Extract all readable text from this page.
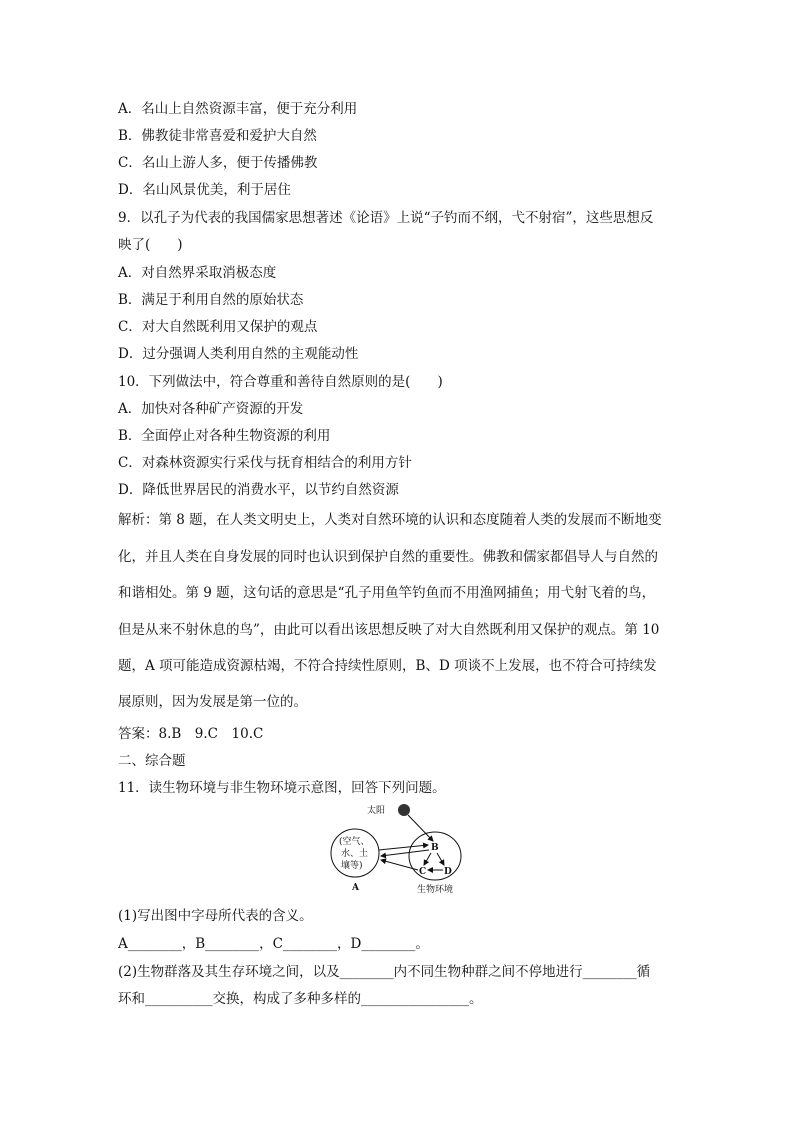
A．名山上自然资源丰富，便于充分利用
B．佛教徒非常喜爱和爱护大自然
C．名山上游人多，便于传播佛教
D．名山风景优美，利于居住
9．以孔子为代表的我国儒家思想著述《论语》上说“子钓而不纲，弋不射宿”，这些思想反
映了(　　)
A．对自然界采取消极态度
B．满足于利用自然的原始状态
C．对大自然既利用又保护的观点
D．过分强调人类利用自然的主观能动性
10．下列做法中，符合尊重和善待自然原则的是(　　)
A．加快对各种矿产资源的开发
B．全面停止对各种生物资源的利用
C．对森林资源实行采伐与抚育相结合的利用方针
D．降低世界居民的消费水平，以节约自然资源
解析：第 8 题，在人类文明史上，人类对自然环境的认识和态度随着人类的发展而不断地变
化，并且人类在自身发展的同时也认识到保护自然的重要性。佛教和儒家都倡导人与自然的
和谐相处。第 9 题，这句话的意思是“孔子用鱼竿钓鱼而不用渔网捕鱼；用弋射飞着的鸟，
但是从来不射休息的鸟”，由此可以看出该思想反映了对大自然既利用又保护的观点。第 10
题，A 项可能造成资源枯竭，不符合持续性原则，B、D 项谈不上发展，也不符合可持续发
展原则，因为发展是第一位的。
答案：8.B　9.C　10.C
二、综合题
11．读生物环境与非生物环境示意图，回答下列问题。
太阳
(空气、
水、土
壤等)
A
B
C D
生物环境
(1)写出图中字母所代表的含义。
A________，B________，C________，D________。
(2)生物群落及其生存环境之间，以及________内不同生物种群之间不停地进行________循
环和__________交换，构成了多种多样的________________。
